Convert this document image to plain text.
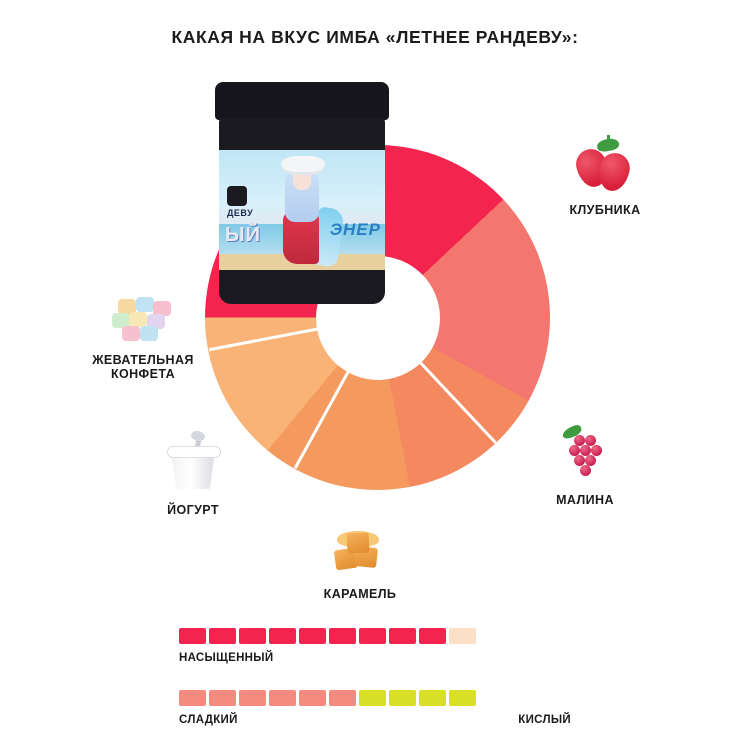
КАКАЯ НА ВКУС ИМБА «ЛЕТНЕЕ РАНДЕВУ»:
ДЕВУ
ЫЙ	ЭНЕР
КЛУБНИКА
МАЛИНА
КАРАМЕЛЬ
ЙОГУРТ
ЖЕВАТЕЛЬНАЯ
КОНФЕТА
НАСЫЩЕННЫЙ
СЛАДКИЙ	КИСЛЫЙ
